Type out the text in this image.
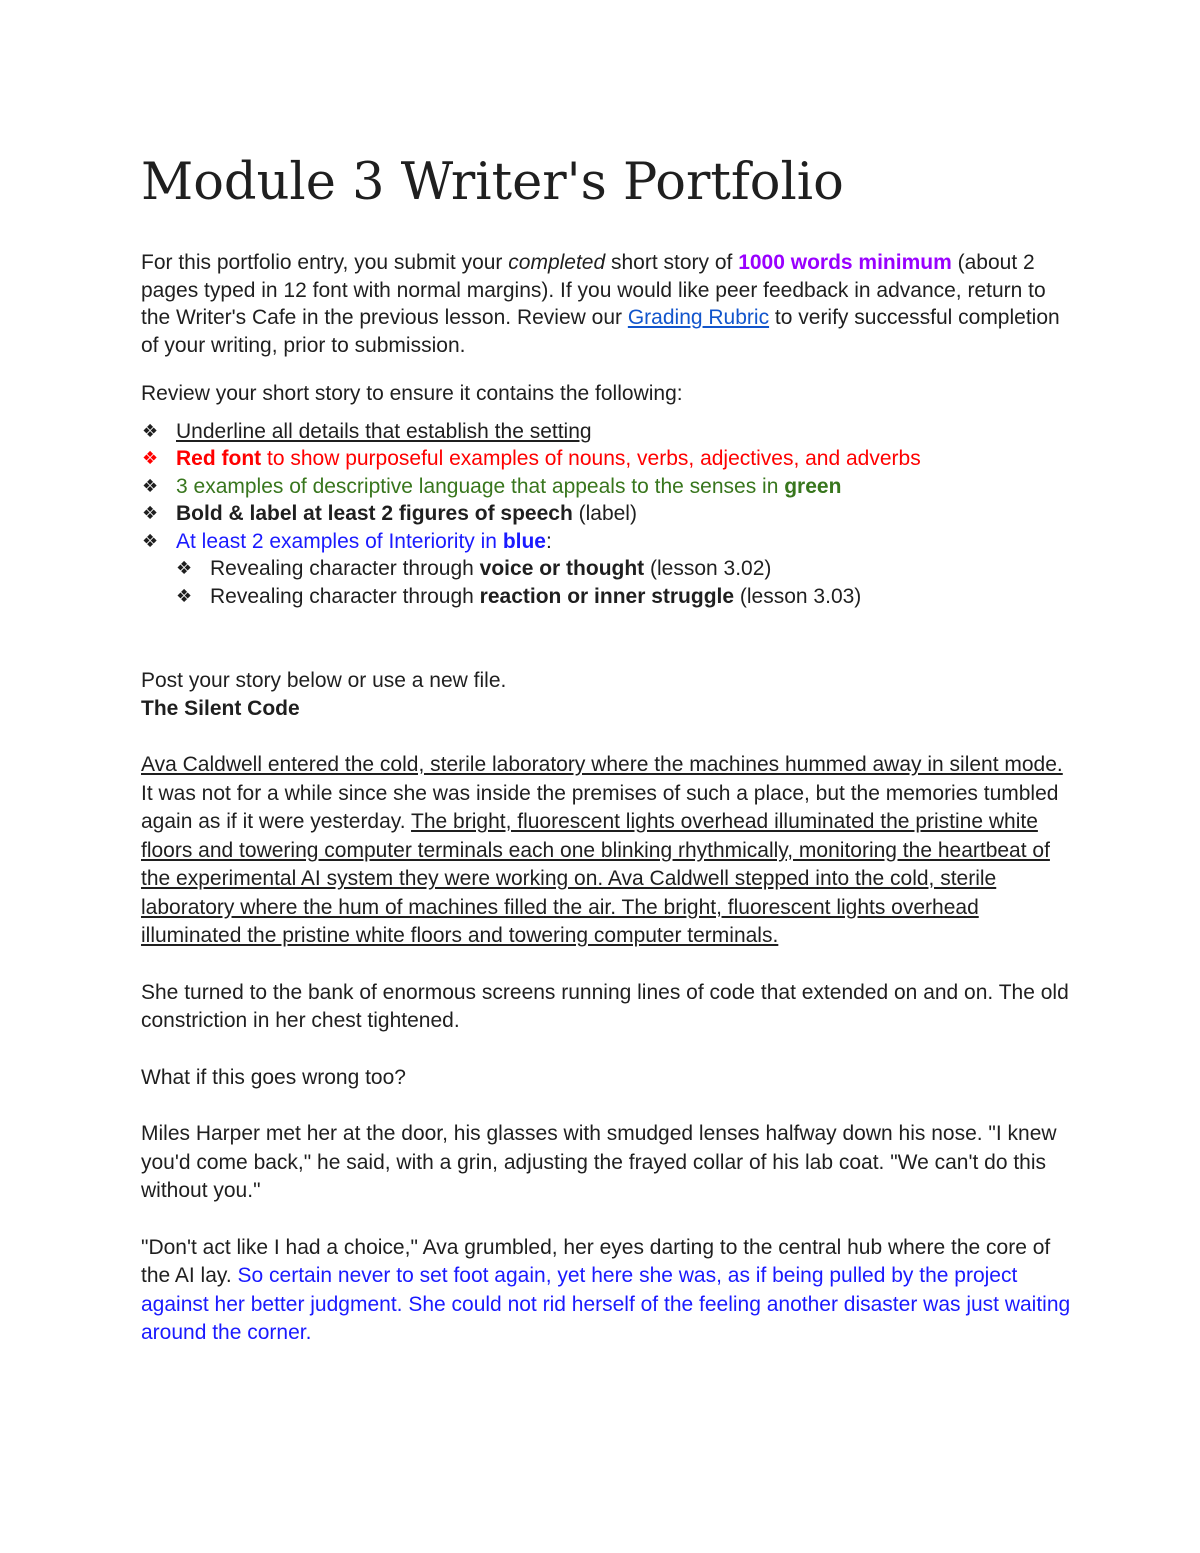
Module 3 Writer's Portfolio

For this portfolio entry, you submit your completed short story of 1000 words minimum (about 2 pages typed in 12 font with normal margins). If you would like peer feedback in advance, return to the Writer's Cafe in the previous lesson. Review our Grading Rubric to verify successful completion of your writing, prior to submission.

Review your short story to ensure it contains the following:

❖ Underline all details that establish the setting
❖ Red font to show purposeful examples of nouns, verbs, adjectives, and adverbs
❖ 3 examples of descriptive language that appeals to the senses in green
❖ Bold & label at least 2 figures of speech (label)
❖ At least 2 examples of Interiority in blue:
❖ Revealing character through voice or thought (lesson 3.02)
❖ Revealing character through reaction or inner struggle (lesson 3.03)

Post your story below or use a new file.

The Silent Code

Ava Caldwell entered the cold, sterile laboratory where the machines hummed away in silent mode. It was not for a while since she was inside the premises of such a place, but the memories tumbled again as if it were yesterday. The bright, fluorescent lights overhead illuminated the pristine white floors and towering computer terminals each one blinking rhythmically, monitoring the heartbeat of the experimental AI system they were working on. Ava Caldwell stepped into the cold, sterile laboratory where the hum of machines filled the air. The bright, fluorescent lights overhead illuminated the pristine white floors and towering computer terminals.

She turned to the bank of enormous screens running lines of code that extended on and on. The old constriction in her chest tightened.

What if this goes wrong too?

Miles Harper met her at the door, his glasses with smudged lenses halfway down his nose. "I knew you'd come back," he said, with a grin, adjusting the frayed collar of his lab coat. "We can't do this without you."

"Don't act like I had a choice," Ava grumbled, her eyes darting to the central hub where the core of the AI lay. So certain never to set foot again, yet here she was, as if being pulled by the project against her better judgment. She could not rid herself of the feeling another disaster was just waiting around the corner.
